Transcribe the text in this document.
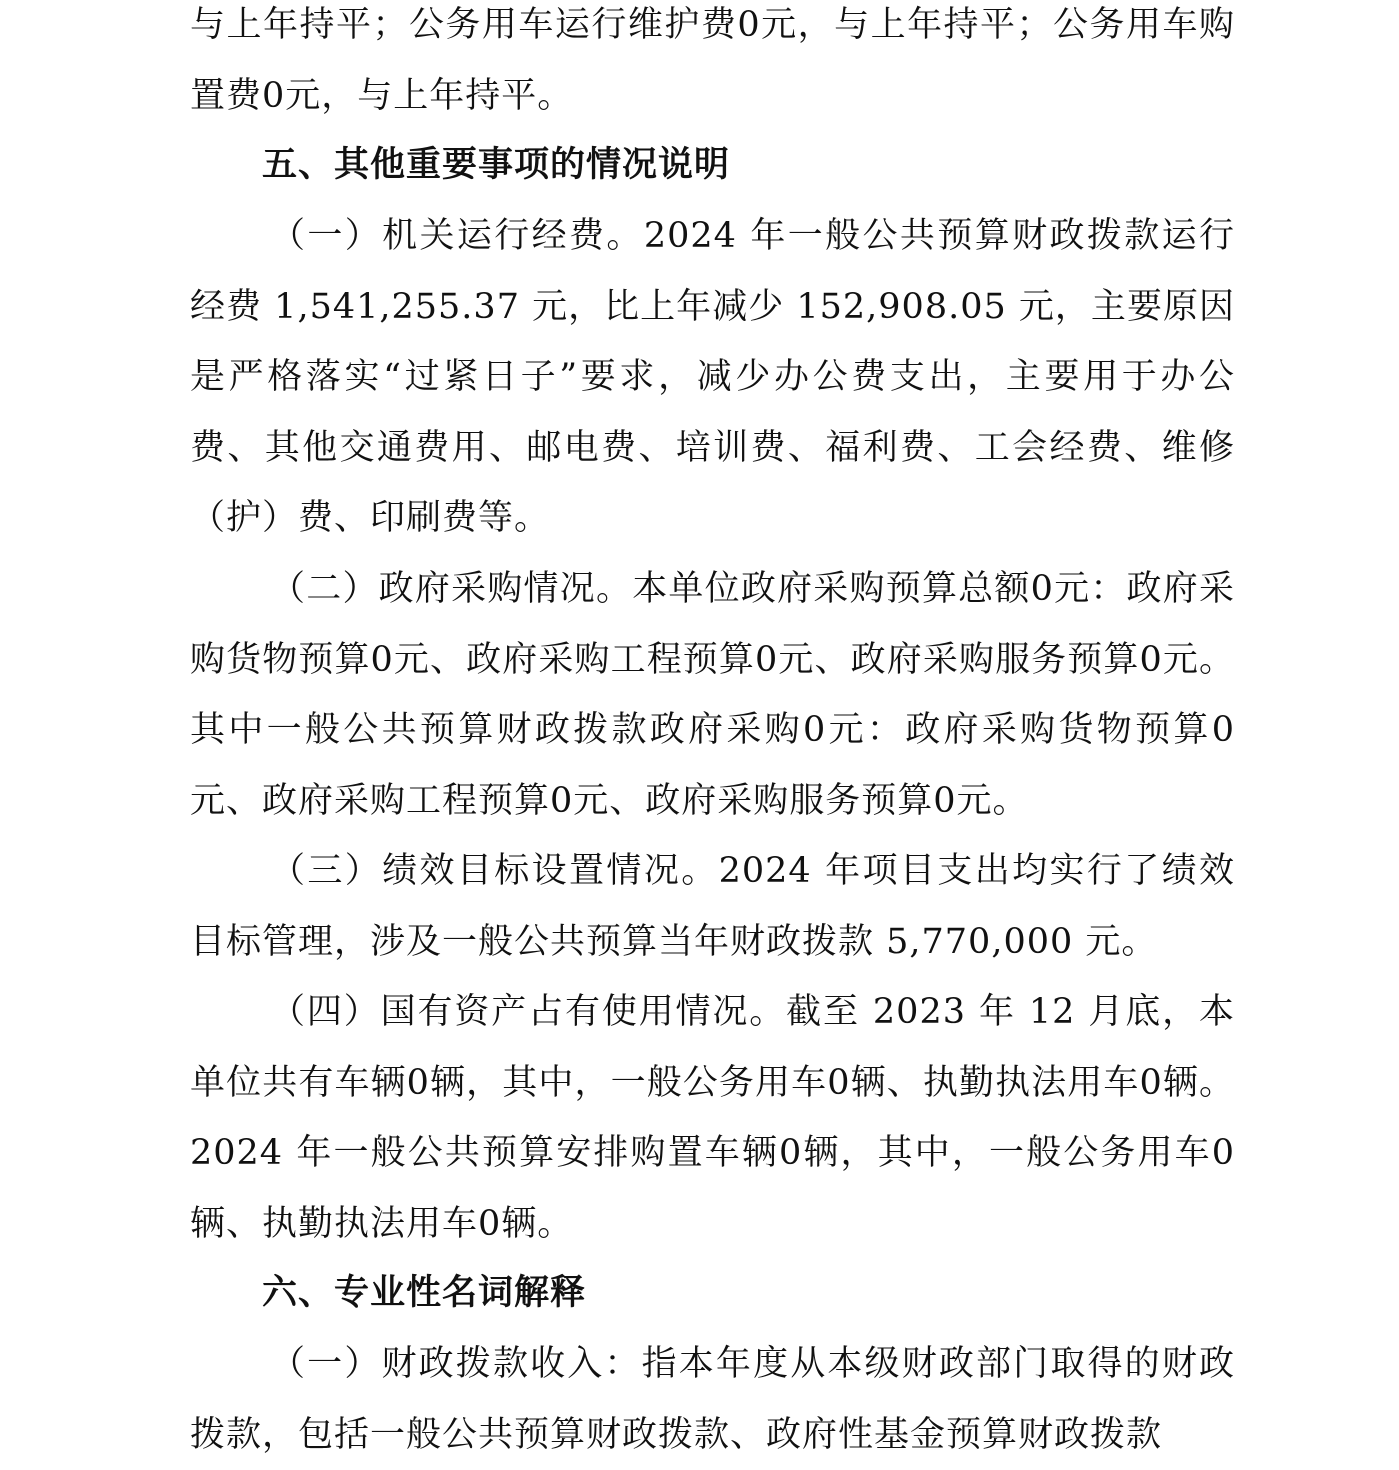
与上年持平；公务用车运行维护费0元，与上年持平；公务用车购置费0元，与上年持平。

五、其他重要事项的情况说明

（一）机关运行经费。2024 年一般公共预算财政拨款运行经费 1,541,255.37 元，比上年减少 152,908.05 元，主要原因是严格落实“过紧日子”要求，减少办公费支出，主要用于办公费、其他交通费用、邮电费、培训费、福利费、工会经费、维修（护）费、印刷费等。

（二）政府采购情况。本单位政府采购预算总额0元：政府采购货物预算0元、政府采购工程预算0元、政府采购服务预算0元。其中一般公共预算财政拨款政府采购0元：政府采购货物预算0元、政府采购工程预算0元、政府采购服务预算0元。

（三）绩效目标设置情况。2024 年项目支出均实行了绩效目标管理，涉及一般公共预算当年财政拨款 5,770,000 元。

（四）国有资产占有使用情况。截至 2023 年 12 月底，本单位共有车辆0辆，其中，一般公务用车0辆、执勤执法用车0辆。2024 年一般公共预算安排购置车辆0辆，其中，一般公务用车0辆、执勤执法用车0辆。

六、专业性名词解释

（一）财政拨款收入：指本年度从本级财政部门取得的财政拨款，包括一般公共预算财政拨款、政府性基金预算财政拨款
